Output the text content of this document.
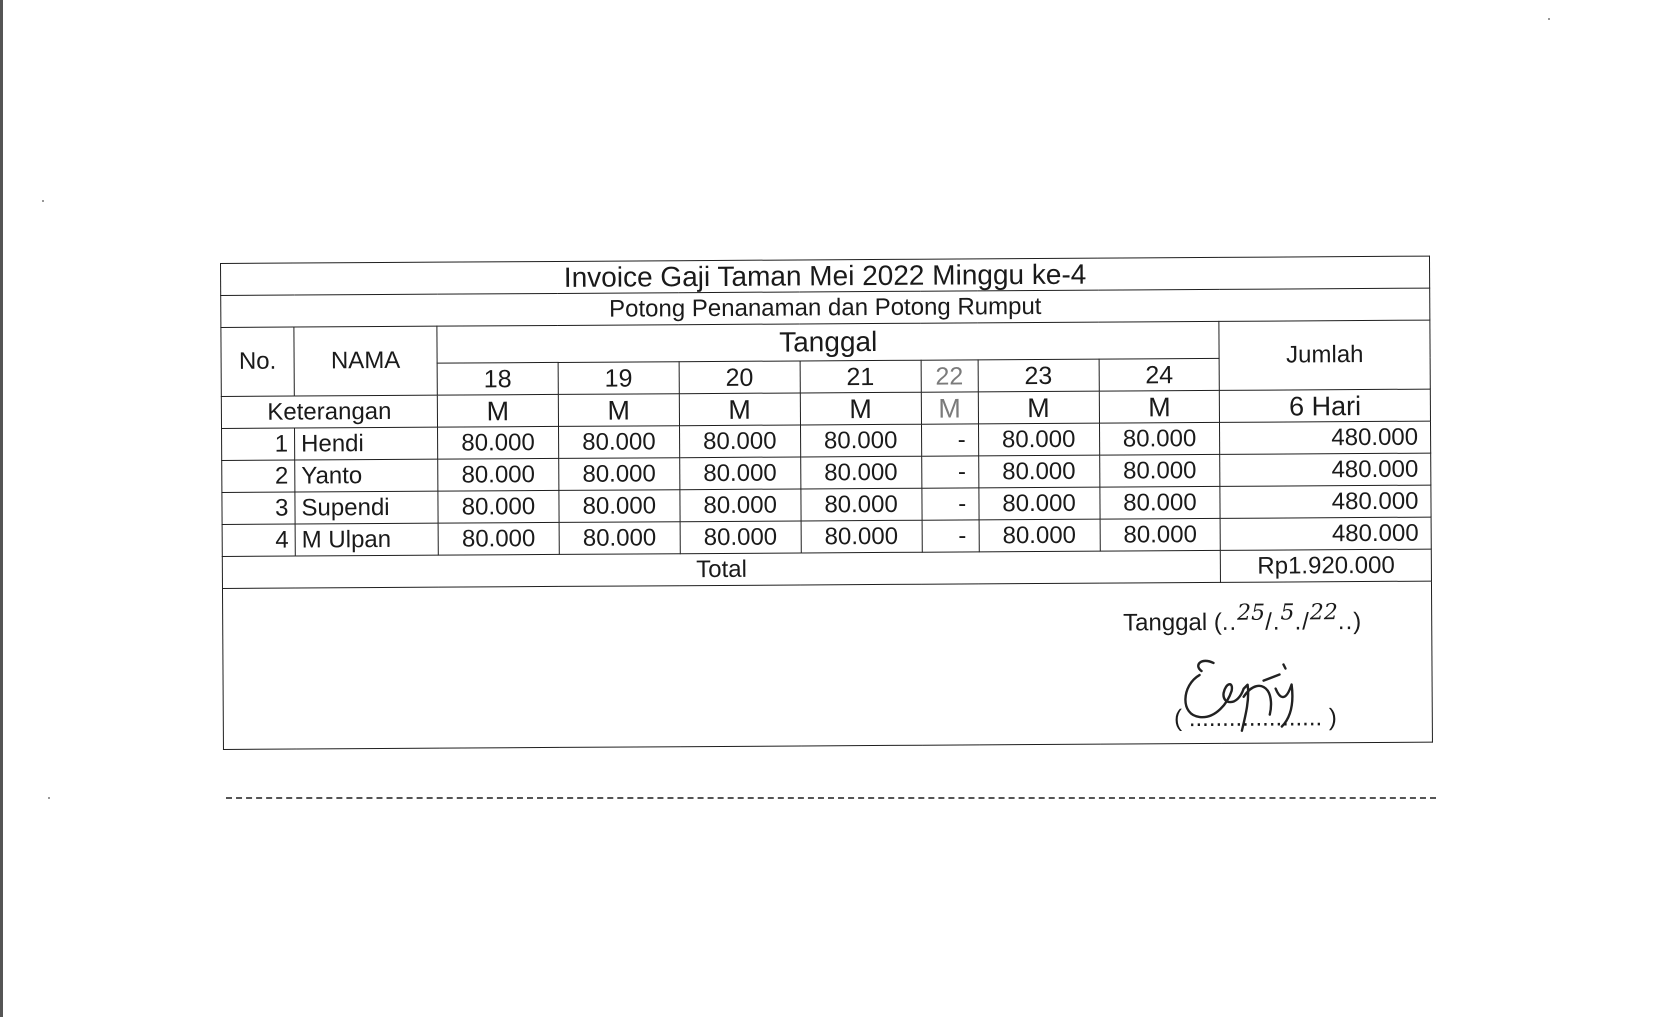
Invoice Gaji Taman Mei 2022 Minggu ke-4									
Potong Penanaman dan Potong Rumput									
No.	NAMA	Tanggal							Jumlah
		18	19	20	21	22	23	24	
Keterangan		M	M	M	M	M	M	M	6 Hari
1	Hendi	80.000	80.000	80.000	80.000	-	80.000	80.000	480.000
2	Yanto	80.000	80.000	80.000	80.000	-	80.000	80.000	480.000
3	Supendi	80.000	80.000	80.000	80.000	-	80.000	80.000	480.000
4	M Ulpan	80.000	80.000	80.000	80.000	-	80.000	80.000	480.000
Total									Rp1.920.000

Tanggal (..25/.5./22..)
( .................... )									
